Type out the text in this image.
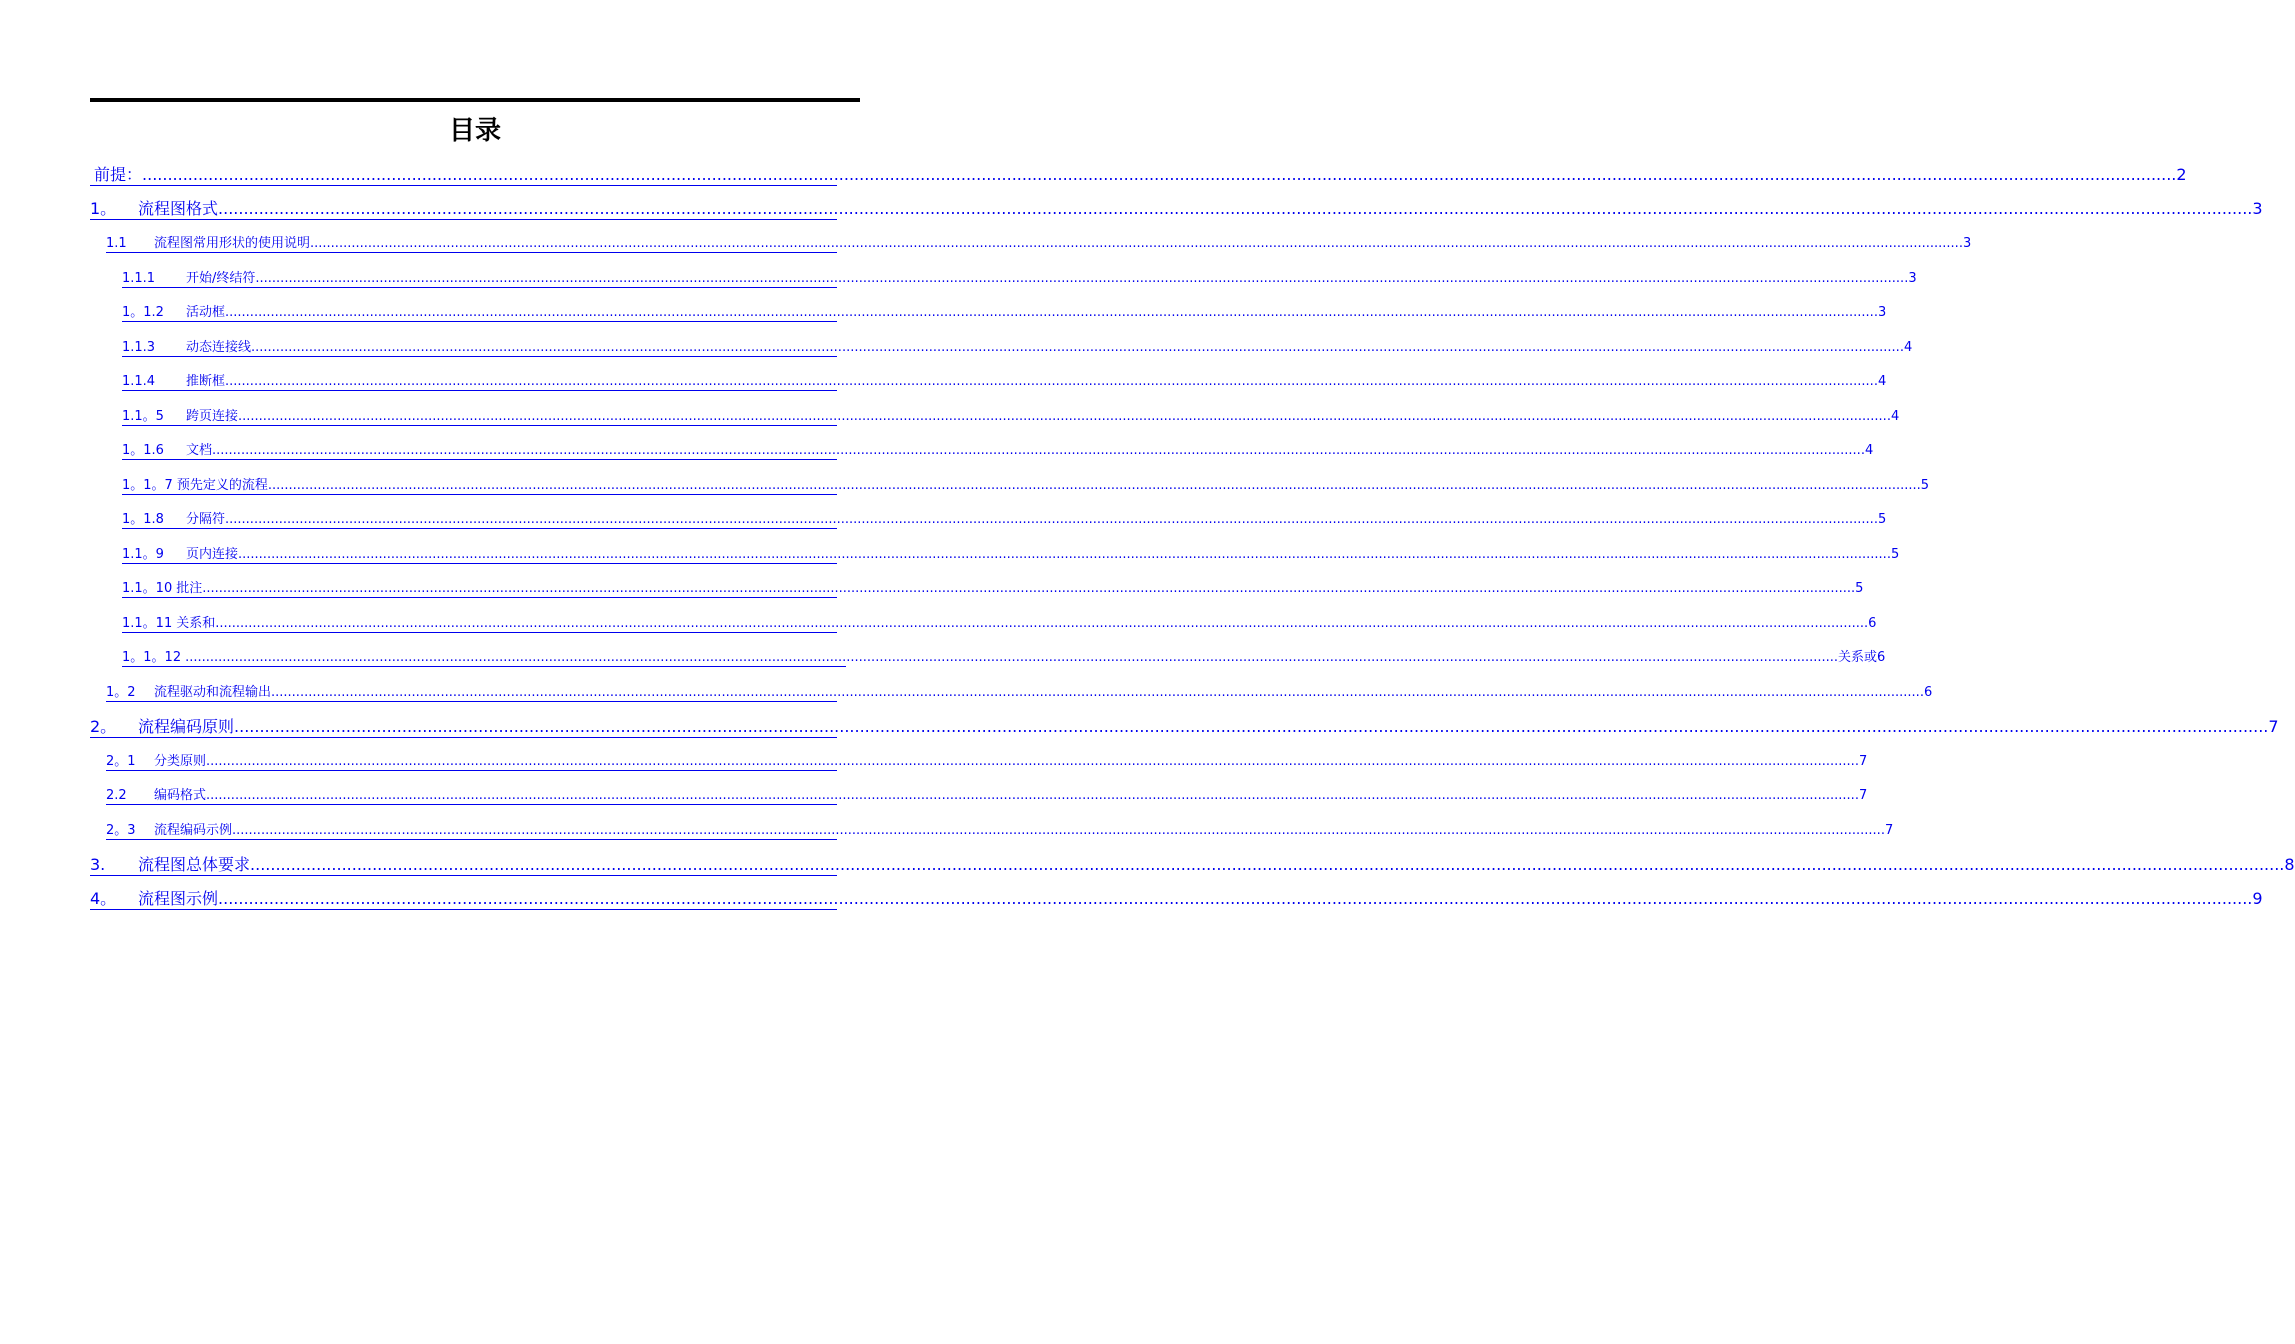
目录
前提： ................................................................................................................................................................................................................................................................................................................................................................................................................ 2
1。	流程图格式 ................................................................................................................................................................................................................................................................................................................................................................................................................ 3
1.1	流程图常用形状的使用说明 ................................................................................................................................................................................................................................................................................................................................................................................................................ 3
1.1.1	开始/终结符 ................................................................................................................................................................................................................................................................................................................................................................................................................ 3
1。1.2	活动框 ................................................................................................................................................................................................................................................................................................................................................................................................................ 3
1.1.3	动态连接线 ................................................................................................................................................................................................................................................................................................................................................................................................................ 4
1.1.4	推断框 ................................................................................................................................................................................................................................................................................................................................................................................................................ 4
1.1。5	跨页连接 ................................................................................................................................................................................................................................................................................................................................................................................................................ 4
1。1.6	文档 ................................................................................................................................................................................................................................................................................................................................................................................................................ 4
1。1。7 预先定义的流程 ................................................................................................................................................................................................................................................................................................................................................................................................................ 5
1。1.8	分隔符 ................................................................................................................................................................................................................................................................................................................................................................................................................ 5
1.1。9	页内连接 ................................................................................................................................................................................................................................................................................................................................................................................................................ 5
1.1。10 批注 ................................................................................................................................................................................................................................................................................................................................................................................................................ 5
1.1。11 关系和 ................................................................................................................................................................................................................................................................................................................................................................................................................ 6
1。1。12 ................................................................................................................................................................................................................................................................................................................................................................................................................ 关系或6
1。2	流程驱动和流程输出 ................................................................................................................................................................................................................................................................................................................................................................................................................ 6
2。	流程编码原则 ................................................................................................................................................................................................................................................................................................................................................................................................................ 7
2。1	分类原则 ................................................................................................................................................................................................................................................................................................................................................................................................................ 7
2.2	编码格式 ................................................................................................................................................................................................................................................................................................................................................................................................................ 7
2。3	流程编码示例 ................................................................................................................................................................................................................................................................................................................................................................................................................ 7
3.	流程图总体要求 ................................................................................................................................................................................................................................................................................................................................................................................................................ 8
4。	流程图示例 ................................................................................................................................................................................................................................................................................................................................................................................................................ 9
